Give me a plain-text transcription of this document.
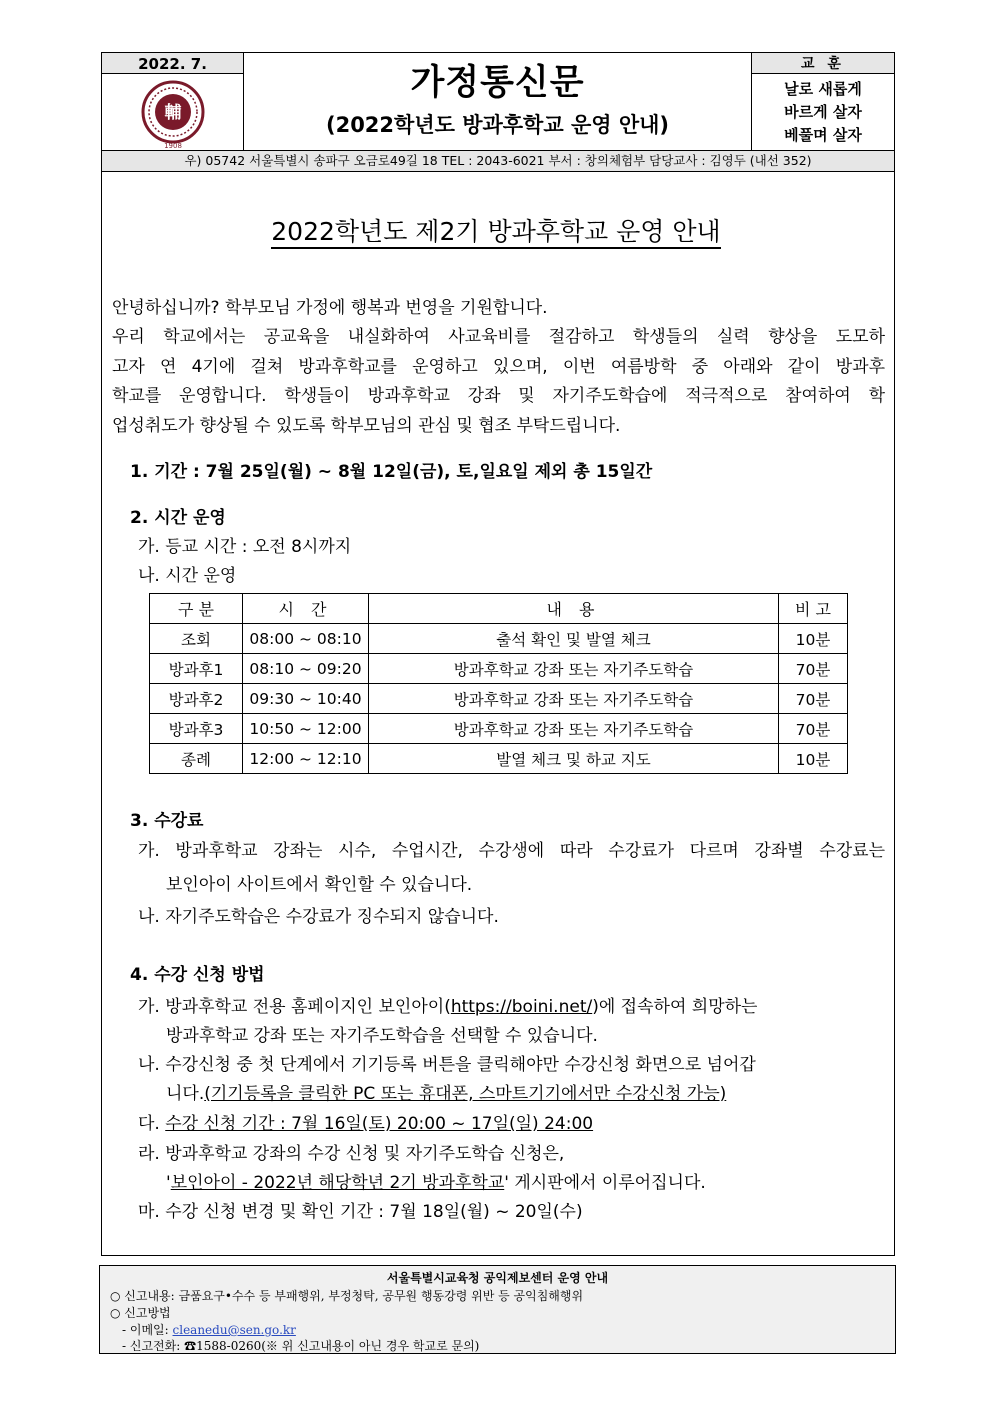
2022. 7.
輔
1908
가정통신문
(2022학년도 방과후학교 운영 안내)
교 훈
날로 새롭게
바르게 살자
베풀며 살자
우) 05742 서울특별시 송파구 오금로49길 18 TEL : 2043-6021 부서 : 창의체험부 담당교사 : 김영두 (내선 352)
2022학년도 제2기 방과후학교 운영 안내
안녕하십니까? 학부모님 가정에 행복과 번영을 기원합니다.
우리 학교에서는 공교육을 내실화하여 사교육비를 절감하고 학생들의 실력 향상을 도모하
고자 연 4기에 걸쳐 방과후학교를 운영하고 있으며, 이번 여름방학 중 아래와 같이 방과후
학교를 운영합니다. 학생들이 방과후학교 강좌 및 자기주도학습에 적극적으로 참여하여 학
업성취도가 향상될 수 있도록 학부모님의 관심 및 협조 부탁드립니다.
1. 기간 : 7월 25일(월) ~ 8월 12일(금), 토,일요일 제외 총 15일간
2. 시간 운영
가. 등교 시간 : 오전 8시까지
나. 시간 운영
구 분	시 간	내 용	비 고
조회	08:00 ~ 08:10	출석 확인 및 발열 체크	10분
방과후1	08:10 ~ 09:20	방과후학교 강좌 또는 자기주도학습	70분
방과후2	09:30 ~ 10:40	방과후학교 강좌 또는 자기주도학습	70분
방과후3	10:50 ~ 12:00	방과후학교 강좌 또는 자기주도학습	70분
종례	12:00 ~ 12:10	발열 체크 및 하교 지도	10분
3. 수강료
가. 방과후학교 강좌는 시수, 수업시간, 수강생에 따라 수강료가 다르며 강좌별 수강료는
보인아이 사이트에서 확인할 수 있습니다.
나. 자기주도학습은 수강료가 징수되지 않습니다.
4. 수강 신청 방법
가. 방과후학교 전용 홈페이지인 보인아이(https://boini.net/)에 접속하여 희망하는
방과후학교 강좌 또는 자기주도학습을 선택할 수 있습니다.
나. 수강신청 중 첫 단계에서 기기등록 버튼을 클릭해야만 수강신청 화면으로 넘어갑
니다.(기기등록을 클릭한 PC 또는 휴대폰, 스마트기기에서만 수강신청 가능)
다. 수강 신청 기간 : 7월 16일(토) 20:00 ~ 17일(일) 24:00
라. 방과후학교 강좌의 수강 신청 및 자기주도학습 신청은,
'보인아이 - 2022년 해당학년 2기 방과후학교' 게시판에서 이루어집니다.
마. 수강 신청 변경 및 확인 기간 : 7월 18일(월) ~ 20일(수)
서울특별시교육청 공익제보센터 운영 안내
○ 신고내용: 금품요구•수수 등 부패행위, 부정청탁, 공무원 행동강령 위반 등 공익침해행위
○ 신고방법
- 이메일: cleanedu@sen.go.kr
- 신고전화: ☎1588-0260(※ 위 신고내용이 아닌 경우 학교로 문의)
